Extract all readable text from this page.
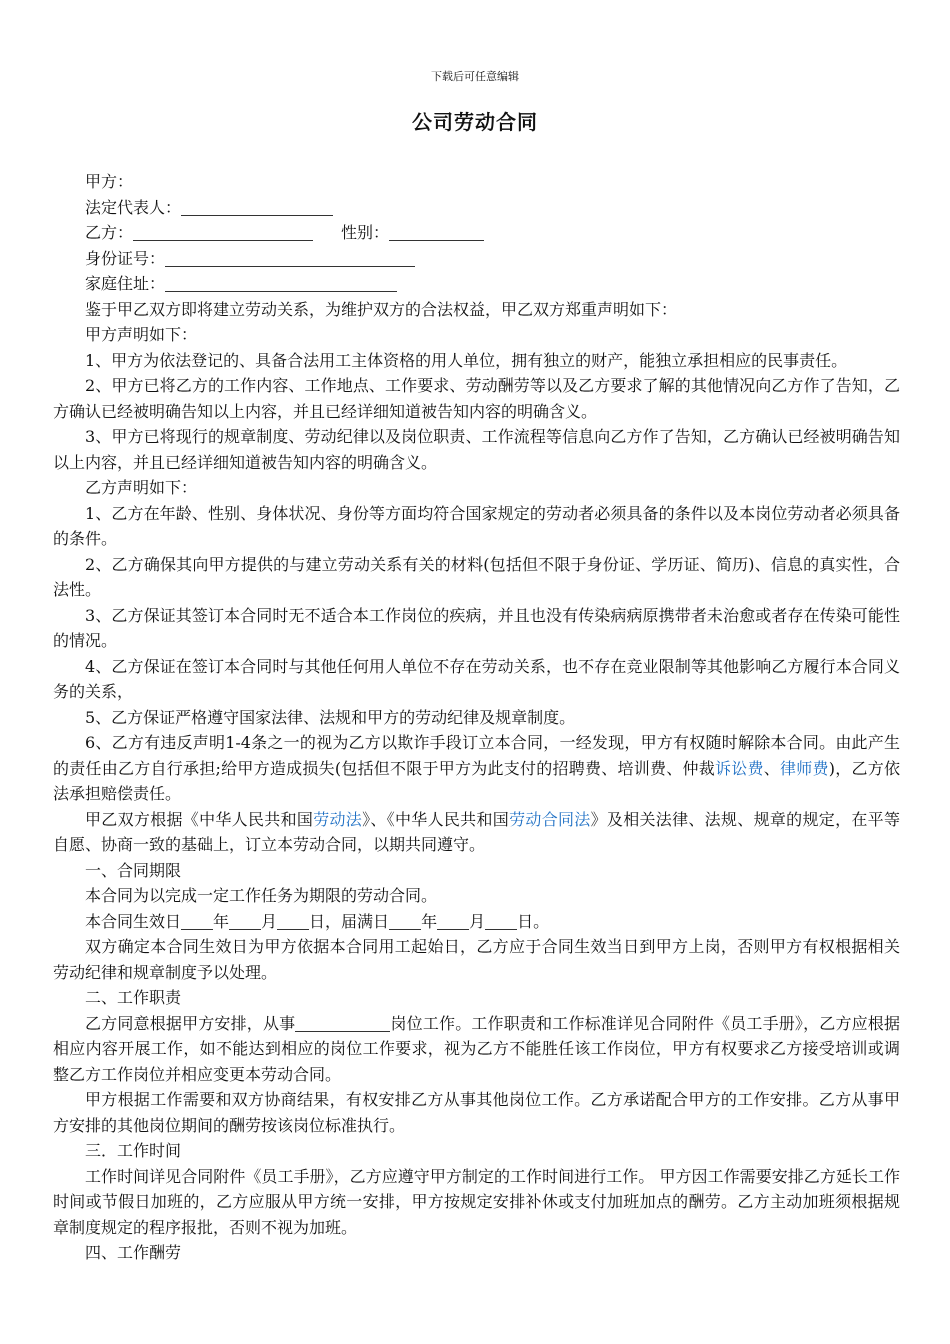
下载后可任意编辑
公司劳动合同

甲方：

法定代表人：

乙方：	性别：

身份证号：

家庭住址：

鉴于甲乙双方即将建立劳动关系，为维护双方的合法权益，甲乙双方郑重声明如下：

甲方声明如下：

1、甲方为依法登记的、具备合法用工主体资格的用人单位，拥有独立的财产，能独立承担相应的民事责任。

2、甲方已将乙方的工作内容、工作地点、工作要求、劳动酬劳等以及乙方要求了解的其他情况向乙方作了告知，乙方确认已经被明确告知以上内容，并且已经详细知道被告知内容的明确含义。

3、甲方已将现行的规章制度、劳动纪律以及岗位职责、工作流程等信息向乙方作了告知，乙方确认已经被明确告知以上内容，并且已经详细知道被告知内容的明确含义。

乙方声明如下：

1、乙方在年龄、性别、身体状况、身份等方面均符合国家规定的劳动者必须具备的条件以及本岗位劳动者必须具备的条件。

2、乙方确保其向甲方提供的与建立劳动关系有关的材料(包括但不限于身份证、学历证、简历)、信息的真实性，合法性。

3、乙方保证其签订本合同时无不适合本工作岗位的疾病，并且也没有传染病病原携带者未治愈或者存在传染可能性的情况。

4、乙方保证在签订本合同时与其他任何用人单位不存在劳动关系，也不存在竞业限制等其他影响乙方履行本合同义务的关系，

5、乙方保证严格遵守国家法律、法规和甲方的劳动纪律及规章制度。

6、乙方有违反声明1-4条之一的视为乙方以欺诈手段订立本合同，一经发现，甲方有权随时解除本合同。由此产生的责任由乙方自行承担;给甲方造成损失(包括但不限于甲方为此支付的招聘费、培训费、仲裁诉讼费、律师费)，乙方依法承担赔偿责任。

甲乙双方根据《中华人民共和国劳动法》、《中华人民共和国劳动合同法》及相关法律、法规、规章的规定，在平等自愿、协商一致的基础上，订立本劳动合同，以期共同遵守。

一、合同期限

本合同为以完成一定工作任务为期限的劳动合同。

本合同生效日 年 月 日，届满日 年 月 日。

双方确定本合同生效日为甲方依据本合同用工起始日，乙方应于合同生效当日到甲方上岗，否则甲方有权根据相关劳动纪律和规章制度予以处理。

二、工作职责

乙方同意根据甲方安排，从事	岗位工作。工作职责和工作标准详见合同附件《员工手册》，乙方应根据相应内容开展工作，如不能达到相应的岗位工作要求，视为乙方不能胜任该工作岗位，甲方有权要求乙方接受培训或调整乙方工作岗位并相应变更本劳动合同。

甲方根据工作需要和双方协商结果，有权安排乙方从事其他岗位工作。乙方承诺配合甲方的工作安排。乙方从事甲方安排的其他岗位期间的酬劳按该岗位标准执行。

三．工作时间

工作时间详见合同附件《员工手册》，乙方应遵守甲方制定的工作时间进行工作。 甲方因工作需要安排乙方延长工作时间或节假日加班的，乙方应服从甲方统一安排，甲方按规定安排补休或支付加班加点的酬劳。乙方主动加班须根据规章制度规定的程序报批，否则不视为加班。

四、工作酬劳
